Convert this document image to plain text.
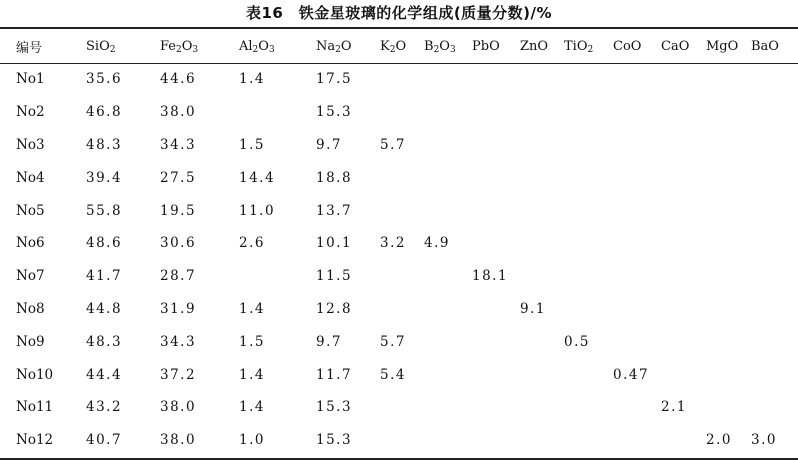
表16　铁金星玻璃的化学组成(质量分数)/%
编号	SiO$_2$	$Fe_2O_3$	$Al_2O_3$	$Na_2O$	$K_2O$	$B_2O_3$	PbO	ZnO	TiO$_2$	CoO	CaO	MgO	BaO
No1	35.6	44.6	1.4	17.5									
No2	46.8	38.0		15.3									
No3	48.3	34.3	1.5	9.7	5.7								
No4	39.4	27.5	14.4	18.8									
No5	55.8	19.5	11.0	13.7									
No6	48.6	30.6	2.6	10.1	3.2	4.9							
No7	41.7	28.7		11.5			18.1						
No8	44.8	31.9	1.4	12.8				9.1					
No9	48.3	34.3	1.5	9.7	5.7				0.5				
No10	44.4	37.2	1.4	11.7	5.4					0.47			
No11	43.2	38.0	1.4	15.3							2.1		
No12	40.7	38.0	1.0	15.3								2.0	3.0
